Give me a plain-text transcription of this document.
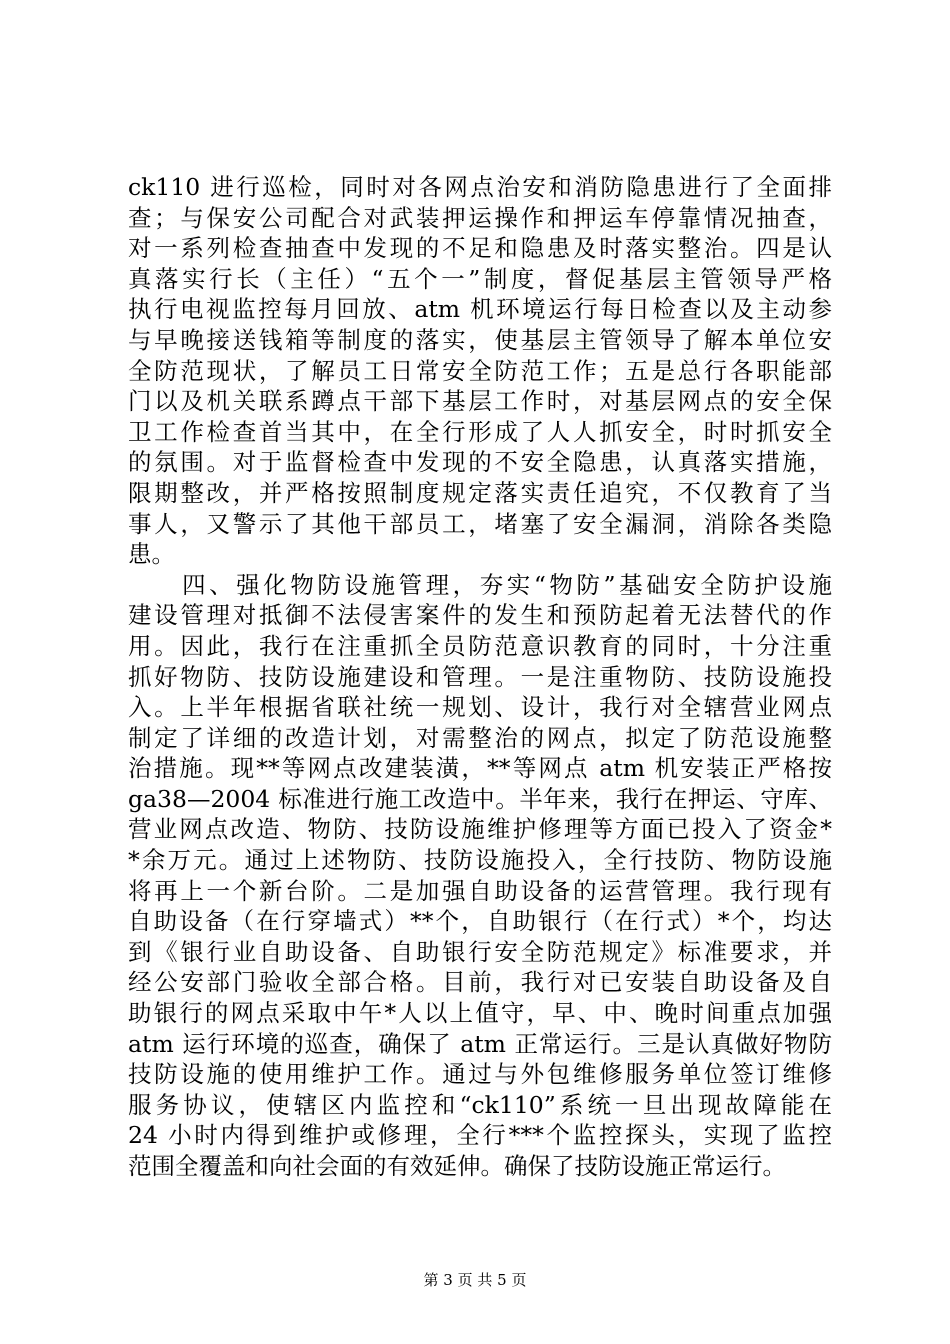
ck110 进行巡检，同时对各网点治安和消防隐患进行了全面排
查；与保安公司配合对武装押运操作和押运车停靠情况抽查，
对一系列检查抽查中发现的不足和隐患及时落实整治。四是认
真落实行长（主任）“五个一”制度，督促基层主管领导严格
执行电视监控每月回放、atm 机环境运行每日检查以及主动参
与早晚接送钱箱等制度的落实，使基层主管领导了解本单位安
全防范现状，了解员工日常安全防范工作；五是总行各职能部
门以及机关联系蹲点干部下基层工作时，对基层网点的安全保
卫工作检查首当其中，在全行形成了人人抓安全，时时抓安全
的氛围。对于监督检查中发现的不安全隐患，认真落实措施，
限期整改，并严格按照制度规定落实责任追究，不仅教育了当
事人，又警示了其他干部员工，堵塞了安全漏洞，消除各类隐
患。
　　四、强化物防设施管理，夯实“物防”基础安全防护设施
建设管理对抵御不法侵害案件的发生和预防起着无法替代的作
用。因此，我行在注重抓全员防范意识教育的同时，十分注重
抓好物防、技防设施建设和管理。一是注重物防、技防设施投
入。上半年根据省联社统一规划、设计，我行对全辖营业网点
制定了详细的改造计划，对需整治的网点，拟定了防范设施整
治措施。现**等网点改建装潢，**等网点 atm 机安装正严格按
ga38—2004 标准进行施工改造中。半年来，我行在押运、守库、
营业网点改造、物防、技防设施维护修理等方面已投入了资金*
*余万元。通过上述物防、技防设施投入，全行技防、物防设施
将再上一个新台阶。二是加强自助设备的运营管理。我行现有
自助设备（在行穿墙式）**个，自助银行（在行式）*个，均达
到《银行业自助设备、自助银行安全防范规定》标准要求，并
经公安部门验收全部合格。目前，我行对已安装自助设备及自
助银行的网点采取中午*人以上值守，早、中、晚时间重点加强
atm 运行环境的巡查，确保了 atm 正常运行。三是认真做好物防
技防设施的使用维护工作。通过与外包维修服务单位签订维修
服务协议，使辖区内监控和“ck110”系统一旦出现故障能在
24 小时内得到维护或修理，全行***个监控探头，实现了监控
范围全覆盖和向社会面的有效延伸。确保了技防设施正常运行。
第 3 页 共 5 页
